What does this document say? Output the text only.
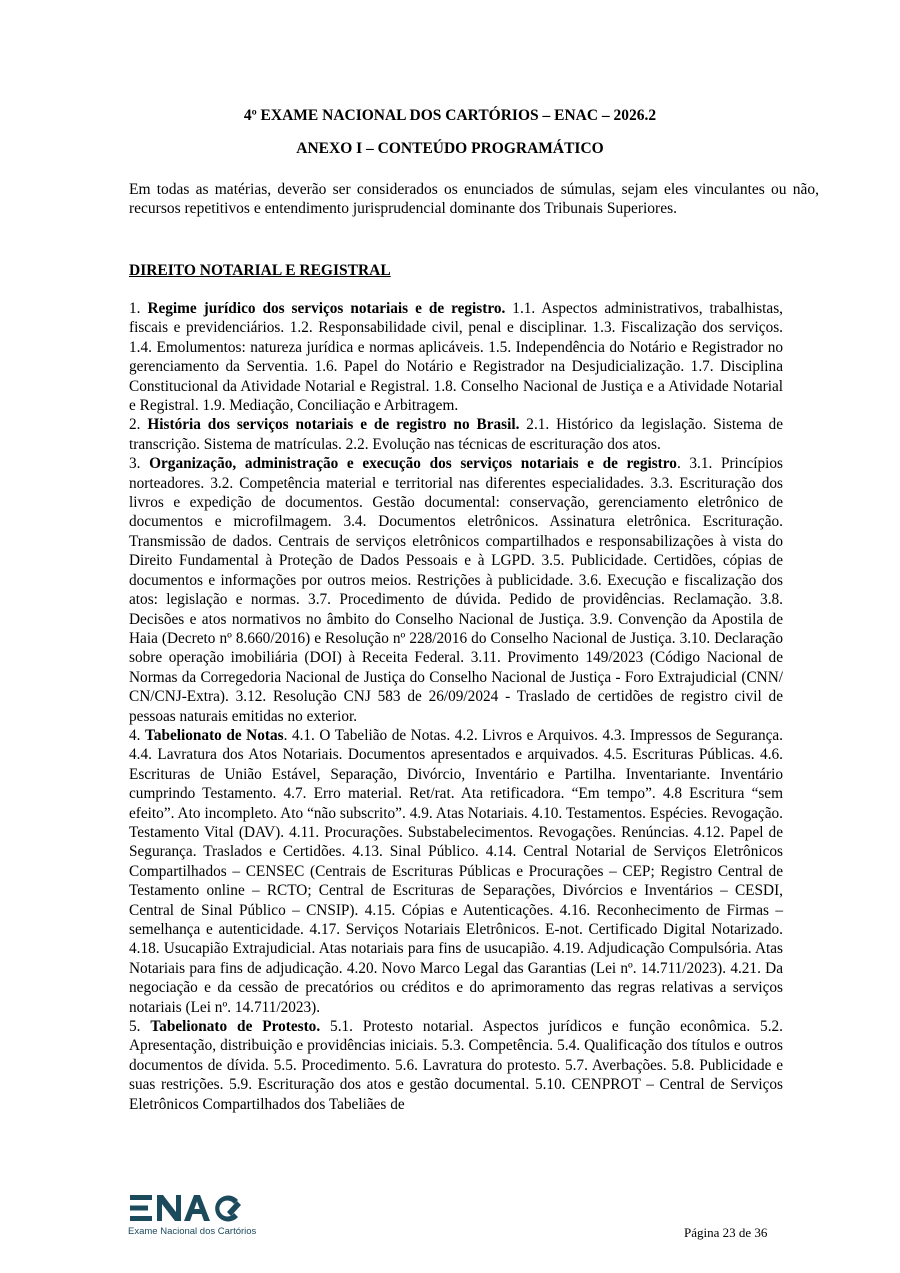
4º EXAME NACIONAL DOS CARTÓRIOS – ENAC – 2026.2

ANEXO I – CONTEÚDO PROGRAMÁTICO

Em todas as matérias, deverão ser considerados os enunciados de súmulas, sejam eles vinculantes ou não, recursos repetitivos e entendimento jurisprudencial dominante dos Tribunais Superiores.

DIREITO NOTARIAL E REGISTRAL

1. Regime jurídico dos serviços notariais e de registro. 1.1. Aspectos administrativos, trabalhistas, fiscais e previdenciários. 1.2. Responsabilidade civil, penal e disciplinar. 1.3. Fiscalização dos serviços. 1.4. Emolumentos: natureza jurídica e normas aplicáveis. 1.5. Independência do Notário e Registrador no gerenciamento da Serventia. 1.6. Papel do Notário e Registrador na Desjudicialização. 1.7. Disciplina Constitucional da Atividade Notarial e Registral. 1.8. Conselho Nacional de Justiça e a Atividade Notarial e Registral. 1.9. Mediação, Conciliação e Arbitragem.

2. História dos serviços notariais e de registro no Brasil. 2.1. Histórico da legislação. Sistema de transcrição. Sistema de matrículas. 2.2. Evolução nas técnicas de escrituração dos atos.

3. Organização, administração e execução dos serviços notariais e de registro. 3.1. Princípios norteadores. 3.2. Competência material e territorial nas diferentes especialidades. 3.3. Escrituração dos livros e expedição de documentos. Gestão documental: conservação, gerenciamento eletrônico de documentos e microfilmagem. 3.4. Documentos eletrônicos. Assinatura eletrônica. Escrituração. Transmissão de dados. Centrais de serviços eletrônicos compartilhados e responsabilizações à vista do Direito Fundamental à Proteção de Dados Pessoais e à LGPD. 3.5. Publicidade. Certidões, cópias de documentos e informações por outros meios. Restrições à publicidade. 3.6. Execução e fiscalização dos atos: legislação e normas. 3.7. Procedimento de dúvida. Pedido de providências. Reclamação. 3.8. Decisões e atos normativos no âmbito do Conselho Nacional de Justiça. 3.9. Convenção da Apostila de Haia (Decreto nº 8.660/2016) e Resolução nº 228/2016 do Conselho Nacional de Justiça. 3.10. Declaração sobre operação imobiliária (DOI) à Receita Federal. 3.11. Provimento 149/2023 (Código Nacional de Normas da Corregedoria Nacional de Justiça do Conselho Nacional de Justiça - Foro Extrajudicial (CNN/ CN/CNJ-Extra). 3.12. Resolução CNJ 583 de 26/09/2024 - Traslado de certidões de registro civil de pessoas naturais emitidas no exterior.

4. Tabelionato de Notas. 4.1. O Tabelião de Notas. 4.2. Livros e Arquivos. 4.3. Impressos de Segurança. 4.4. Lavratura dos Atos Notariais. Documentos apresentados e arquivados. 4.5. Escrituras Públicas. 4.6. Escrituras de União Estável, Separação, Divórcio, Inventário e Partilha. Inventariante. Inventário cumprindo Testamento. 4.7. Erro material. Ret/rat. Ata retificadora. “Em tempo”. 4.8 Escritura “sem efeito”. Ato incompleto. Ato “não subscrito”. 4.9. Atas Notariais. 4.10. Testamentos. Espécies. Revogação. Testamento Vital (DAV). 4.11. Procurações. Substabelecimentos. Revogações. Renúncias. 4.12. Papel de Segurança. Traslados e Certidões. 4.13. Sinal Público. 4.14. Central Notarial de Serviços Eletrônicos Compartilhados – CENSEC (Centrais de Escrituras Públicas e Procurações – CEP; Registro Central de Testamento online – RCTO; Central de Escrituras de Separações, Divórcios e Inventários – CESDI, Central de Sinal Público – CNSIP). 4.15. Cópias e Autenticações. 4.16. Reconhecimento de Firmas – semelhança e autenticidade. 4.17. Serviços Notariais Eletrônicos. E-not. Certificado Digital Notarizado. 4.18. Usucapião Extrajudicial. Atas notariais para fins de usucapião. 4.19. Adjudicação Compulsória. Atas Notariais para fins de adjudicação. 4.20. Novo Marco Legal das Garantias (Lei nº. 14.711/2023). 4.21. Da negociação e da cessão de precatórios ou créditos e do aprimoramento das regras relativas a serviços notariais (Lei nº. 14.711/2023).

5. Tabelionato de Protesto. 5.1. Protesto notarial. Aspectos jurídicos e função econômica. 5.2. Apresentação, distribuição e providências iniciais. 5.3. Competência. 5.4. Qualificação dos títulos e outros documentos de dívida. 5.5. Procedimento. 5.6. Lavratura do protesto. 5.7. Averbações. 5.8. Publicidade e suas restrições. 5.9. Escrituração dos atos e gestão documental. 5.10. CENPROT – Central de Serviços Eletrônicos Compartilhados dos Tabeliães de

Exame Nacional dos Cartórios	Página 23 de 36
